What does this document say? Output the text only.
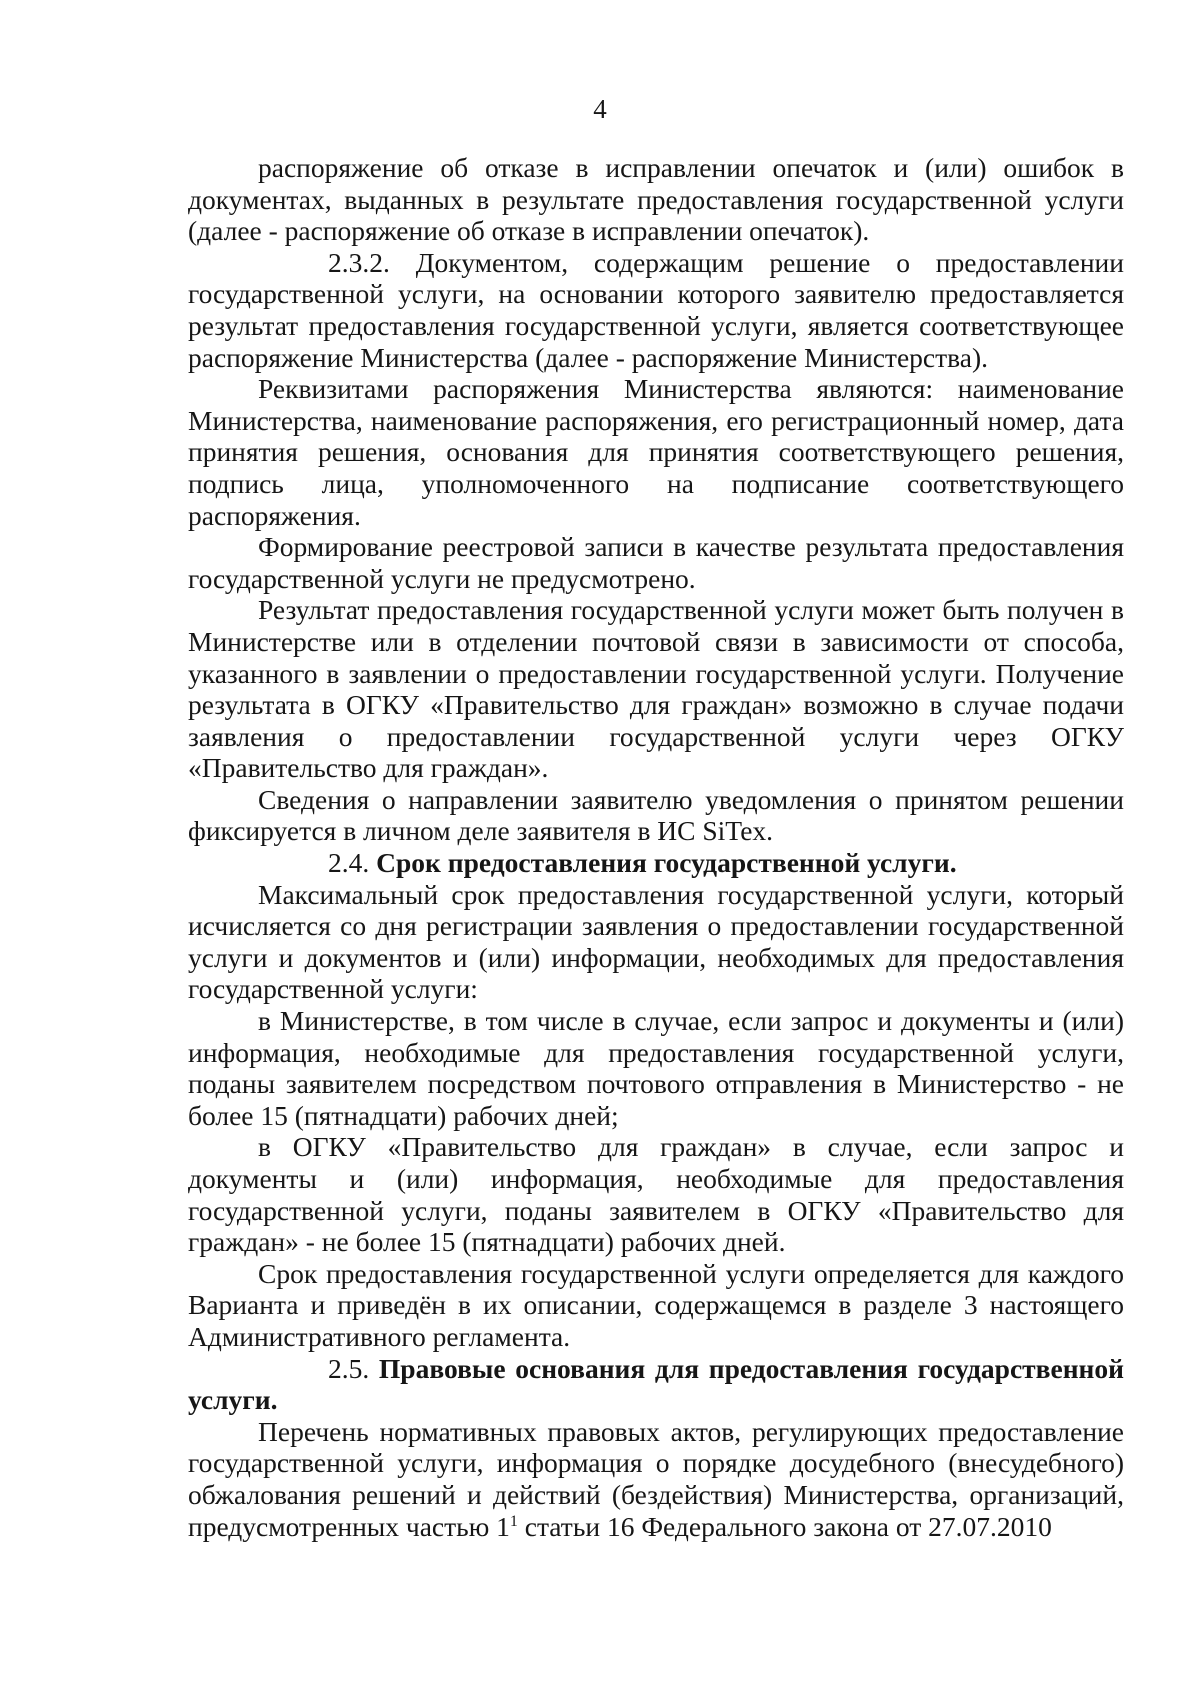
4

распоряжение об отказе в исправлении опечаток и (или) ошибок в документах, выданных в результате предоставления государственной услуги (далее - распоряжение об отказе в исправлении опечаток).

2.3.2. Документом, содержащим решение о предоставлении государственной услуги, на основании которого заявителю предоставляется результат предоставления государственной услуги, является соответствующее распоряжение Министерства (далее - распоряжение Министерства).

Реквизитами распоряжения Министерства являются: наименование Министерства, наименование распоряжения, его регистрационный номер, дата принятия решения, основания для принятия соответствующего решения, подпись лица, уполномоченного на подписание соответствующего распоряжения.

Формирование реестровой записи в качестве результата предоставления государственной услуги не предусмотрено.

Результат предоставления государственной услуги может быть получен в Министерстве или в отделении почтовой связи в зависимости от способа, указанного в заявлении о предоставлении государственной услуги. Получение результата в ОГКУ «Правительство для граждан» возможно в случае подачи заявления о предоставлении государственной услуги через ОГКУ «Правительство для граждан».

Сведения о направлении заявителю уведомления о принятом решении фиксируется в личном деле заявителя в ИС SiTex.

2.4. Срок предоставления государственной услуги.

Максимальный срок предоставления государственной услуги, который исчисляется со дня регистрации заявления о предоставлении государственной услуги и документов и (или) информации, необходимых для предоставления государственной услуги:

в Министерстве, в том числе в случае, если запрос и документы и (или) информация, необходимые для предоставления государственной услуги, поданы заявителем посредством почтового отправления в Министерство - не более 15 (пятнадцати) рабочих дней;

в ОГКУ «Правительство для граждан» в случае, если запрос и документы и (или) информация, необходимые для предоставления государственной услуги, поданы заявителем в ОГКУ «Правительство для граждан» - не более 15 (пятнадцати) рабочих дней.

Срок предоставления государственной услуги определяется для каждого Варианта и приведён в их описании, содержащемся в разделе 3 настоящего Административного регламента.

2.5. Правовые основания для предоставления государственной услуги.

Перечень нормативных правовых актов, регулирующих предоставление государственной услуги, информация о порядке досудебного (внесудебного) обжалования решений и действий (бездействия) Министерства, организаций, предусмотренных частью $1^1$ статьи 16 Федерального закона от 27.07.2010
